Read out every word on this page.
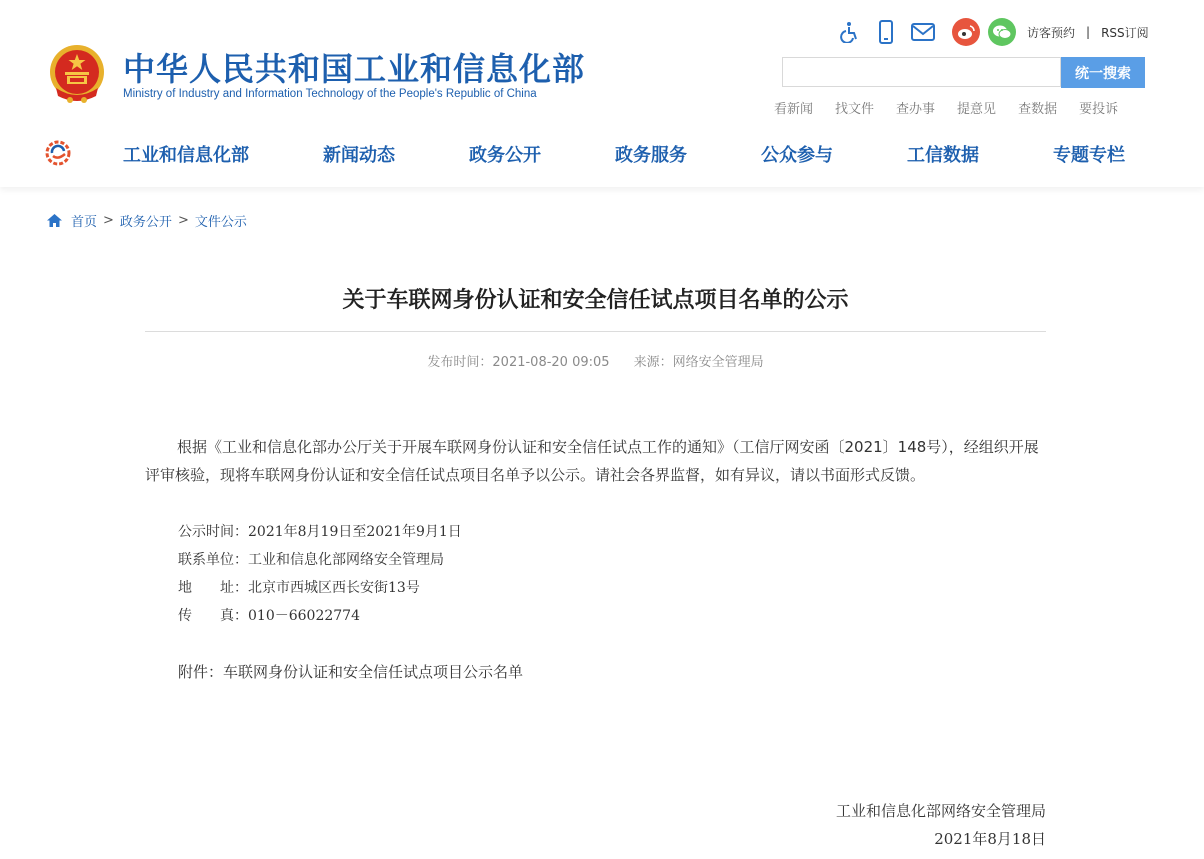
中华人民共和国工业和信息化部
Ministry of Industry and Information Technology of the People's Republic of China
访客预约 | RSS订阅
统一搜索
看新闻 找文件 查办事 提意见 查数据 要投诉
工业和信息化部	新闻动态	政务公开	政务服务	公众参与	工信数据	专题专栏
首页 > 政务公开 > 文件公示
关于车联网身份认证和安全信任试点项目名单的公示
发布时间：2021-08-20 09:05 来源：网络安全管理局

根据《工业和信息化部办公厅关于开展车联网身份认证和安全信任试点工作的通知》（工信厅网安函〔2021〕148号），经组织开展评审核验，现将车联网身份认证和安全信任试点项目名单予以公示。请社会各界监督，如有异议，请以书面形式反馈。

公示时间：2021年8月19日至2021年9月1日
联系单位：工业和信息化部网络安全管理局
地　　址：北京市西城区西长安街13号
传　　真：010－66022774
附件：车联网身份认证和安全信任试点项目公示名单
工业和信息化部网络安全管理局
2021年8月18日
